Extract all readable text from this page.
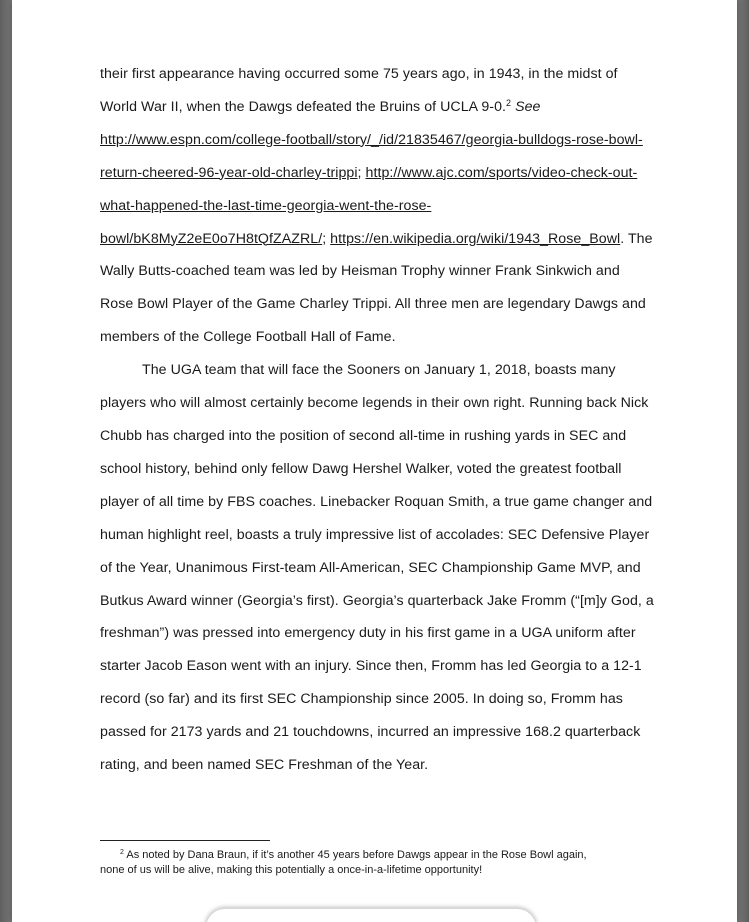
their first appearance having occurred some 75 years ago, in 1943, in the midst of
World War II, when the Dawgs defeated the Bruins of UCLA 9-0.$^2$ See
http://www.espn.com/college-football/story/_/id/21835467/georgia-bulldogs-rose-bowl-
return-cheered-96-year-old-charley-trippi; http://www.ajc.com/sports/video-check-out-
what-happened-the-last-time-georgia-went-the-rose-
bowl/bK8MyZ2eE0o7H8tQfZAZRL/; https://en.wikipedia.org/wiki/1943_Rose_Bowl. The
Wally Butts-coached team was led by Heisman Trophy winner Frank Sinkwich and
Rose Bowl Player of the Game Charley Trippi. All three men are legendary Dawgs and
members of the College Football Hall of Fame.

The UGA team that will face the Sooners on January 1, 2018, boasts many
players who will almost certainly become legends in their own right. Running back Nick
Chubb has charged into the position of second all-time in rushing yards in SEC and
school history, behind only fellow Dawg Hershel Walker, voted the greatest football
player of all time by FBS coaches. Linebacker Roquan Smith, a true game changer and
human highlight reel, boasts a truly impressive list of accolades: SEC Defensive Player
of the Year, Unanimous First-team All-American, SEC Championship Game MVP, and
Butkus Award winner (Georgia’s first). Georgia’s quarterback Jake Fromm (“[m]y God, a
freshman”) was pressed into emergency duty in his first game in a UGA uniform after
starter Jacob Eason went with an injury. Since then, Fromm has led Georgia to a 12-1
record (so far) and its first SEC Championship since 2005. In doing so, Fromm has
passed for 2173 yards and 21 touchdowns, incurred an impressive 168.2 quarterback
rating, and been named SEC Freshman of the Year.

$^2$ As noted by Dana Braun, if it’s another 45 years before Dawgs appear in the Rose Bowl again,
none of us will be alive, making this potentially a once-in-a-lifetime opportunity!
